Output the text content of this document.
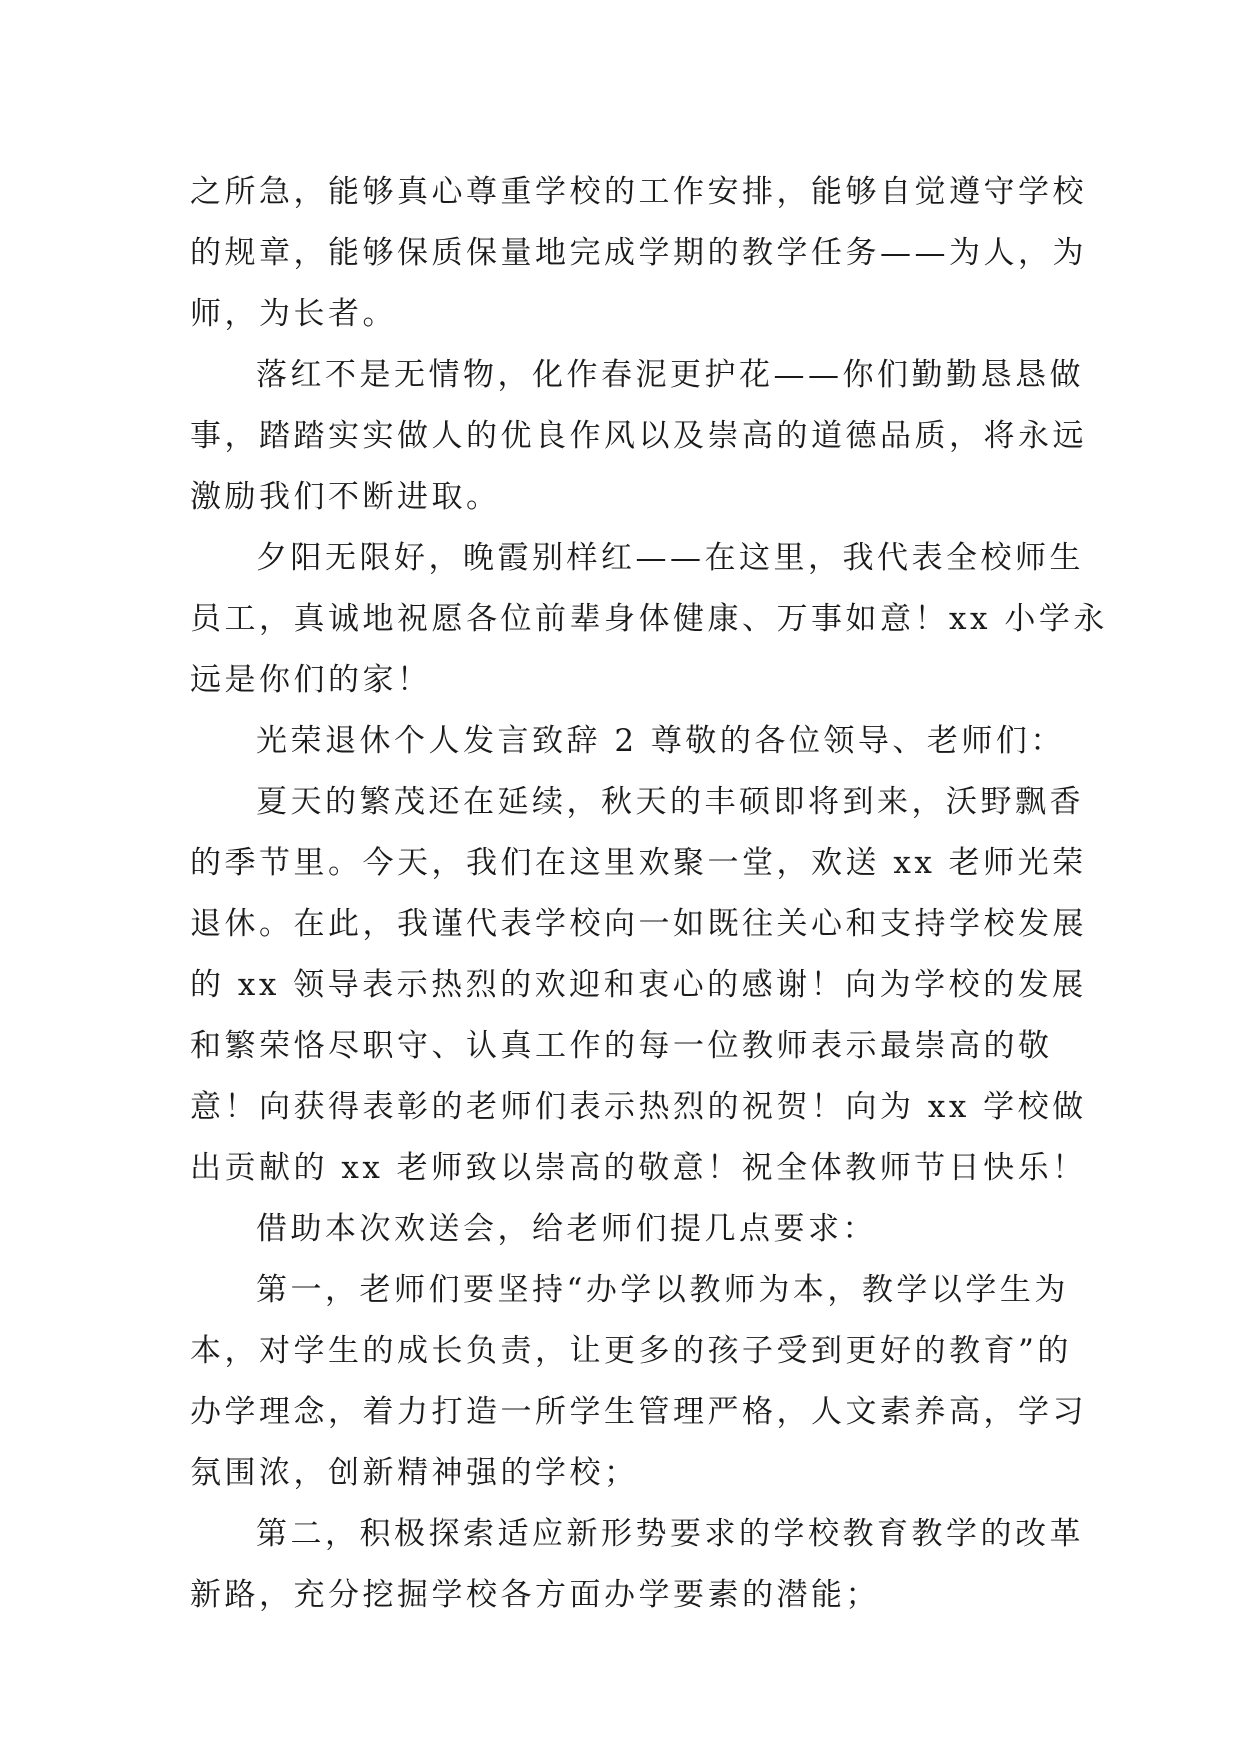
之所急，能够真心尊重学校的工作安排，能够自觉遵守学校
的规章，能够保质保量地完成学期的教学任务——为人，为
师，为长者。
落红不是无情物，化作春泥更护花——你们勤勤恳恳做
事，踏踏实实做人的优良作风以及崇高的道德品质，将永远
激励我们不断进取。
夕阳无限好，晚霞别样红——在这里，我代表全校师生
员工，真诚地祝愿各位前辈身体健康、万事如意！xx 小学永
远是你们的家！
光荣退休个人发言致辞 2 尊敬的各位领导、老师们：
夏天的繁茂还在延续，秋天的丰硕即将到来，沃野飘香
的季节里。今天，我们在这里欢聚一堂，欢送 xx 老师光荣
退休。在此，我谨代表学校向一如既往关心和支持学校发展
的 xx 领导表示热烈的欢迎和衷心的感谢！向为学校的发展
和繁荣恪尽职守、认真工作的每一位教师表示最崇高的敬
意！向获得表彰的老师们表示热烈的祝贺！向为 xx 学校做
出贡献的 xx 老师致以崇高的敬意！祝全体教师节日快乐！
借助本次欢送会，给老师们提几点要求：
第一，老师们要坚持“办学以教师为本，教学以学生为
本，对学生的成长负责，让更多的孩子受到更好的教育”的
办学理念，着力打造一所学生管理严格，人文素养高，学习
氛围浓，创新精神强的学校；
第二，积极探索适应新形势要求的学校教育教学的改革
新路，充分挖掘学校各方面办学要素的潜能；
